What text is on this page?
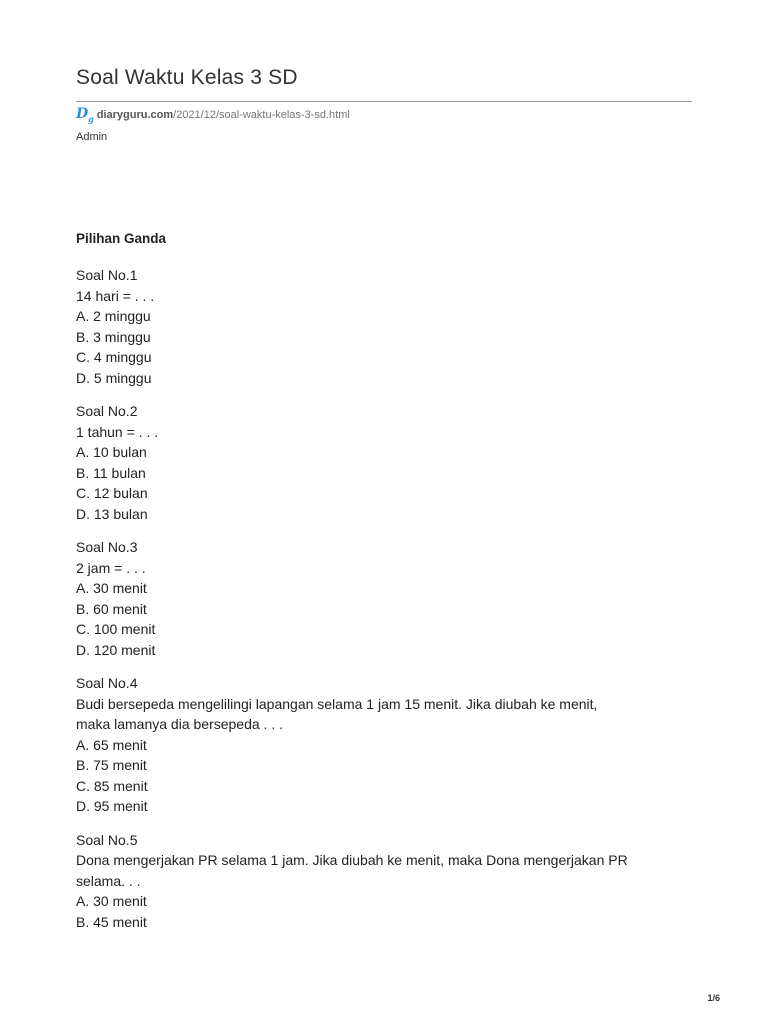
Soal Waktu Kelas 3 SD
$D_g$ diaryguru.com /2021/12/soal-waktu-kelas-3-sd.html
Admin
Pilihan Ganda
Soal No.1
14 hari = . . .
A. 2 minggu
B. 3 minggu
C. 4 minggu
D. 5 minggu
Soal No.2
1 tahun = . . .
A. 10 bulan
B. 11 bulan
C. 12 bulan
D. 13 bulan
Soal No.3
2 jam = . . .
A. 30 menit
B. 60 menit
C. 100 menit
D. 120 menit
Soal No.4
Budi bersepeda mengelilingi lapangan selama 1 jam 15 menit. Jika diubah ke menit,
maka lamanya dia bersepeda . . .
A. 65 menit
B. 75 menit
C. 85 menit
D. 95 menit
Soal No.5
Dona mengerjakan PR selama 1 jam. Jika diubah ke menit, maka Dona mengerjakan PR
selama. . .
A. 30 menit
B. 45 menit
1/6
